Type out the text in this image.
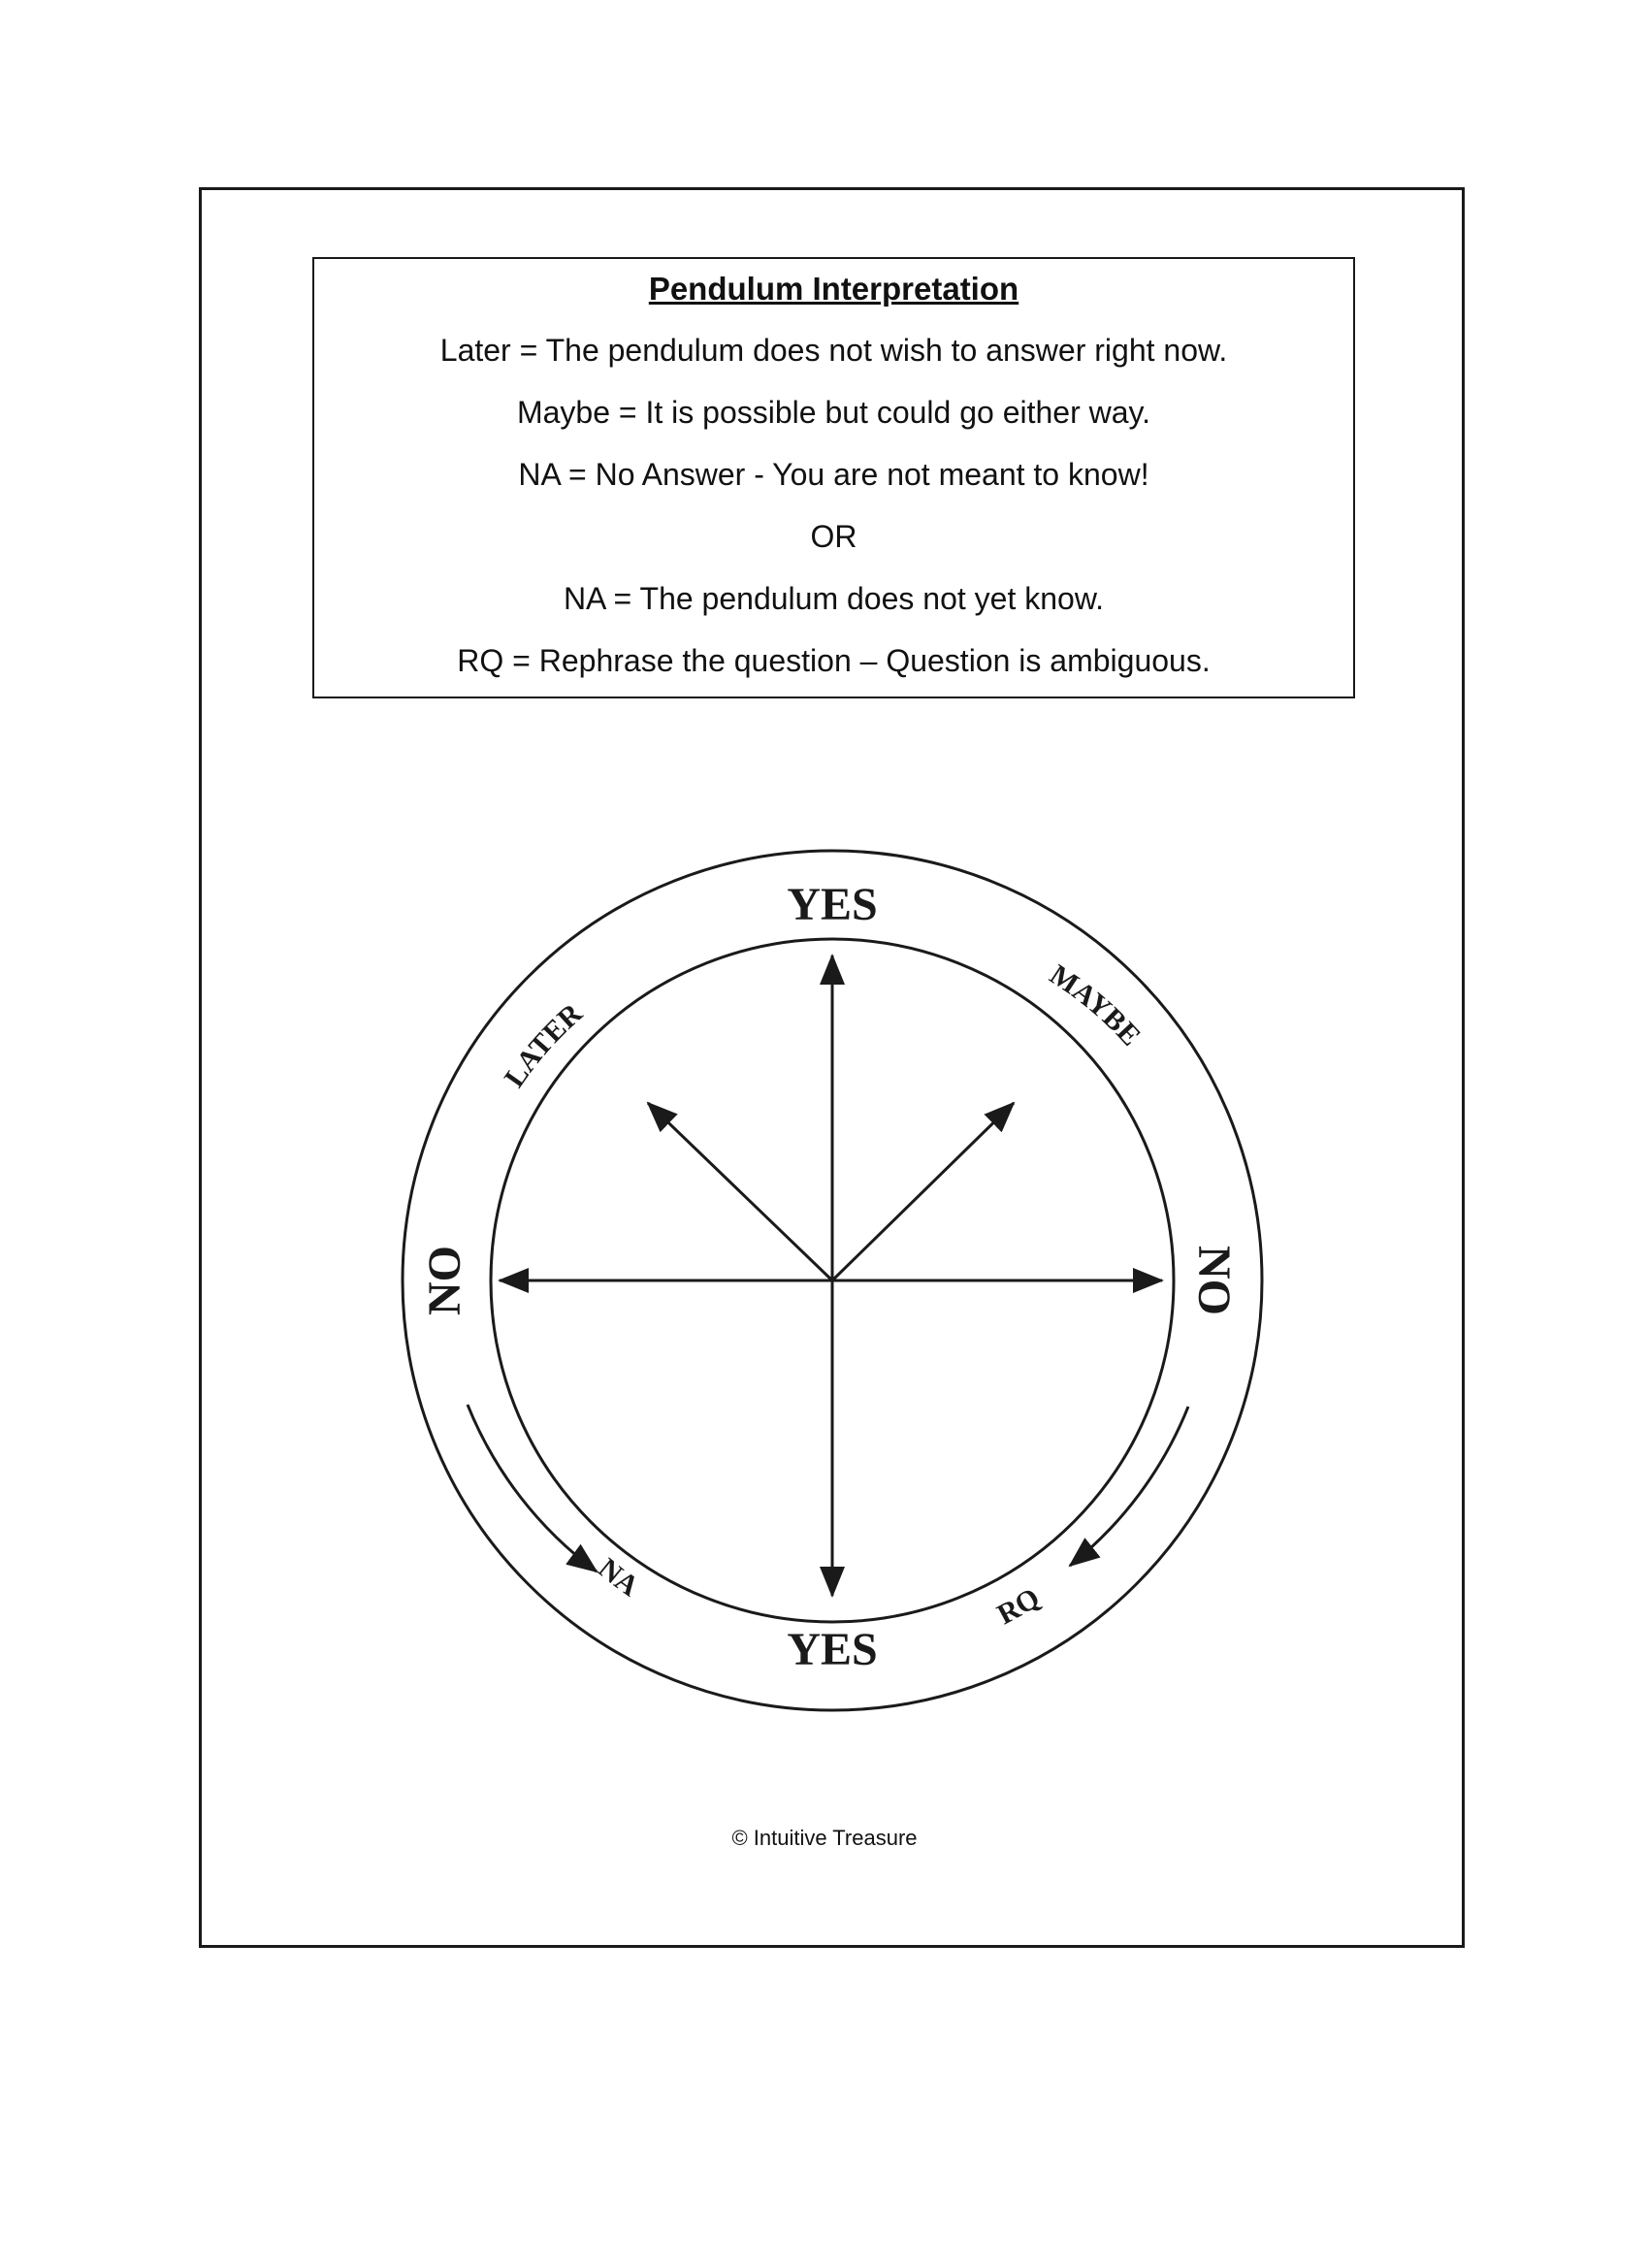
Pendulum Interpretation
Later = The pendulum does not wish to answer right now.
Maybe = It is possible but could go either way.
NA = No Answer - You are not meant to know!
OR
NA = The pendulum does not yet know.
RQ = Rephrase the question – Question is ambiguous.
YES
YES
NO	NO
LATER
MAYBE
NA
RQ

© Intuitive Treasure
